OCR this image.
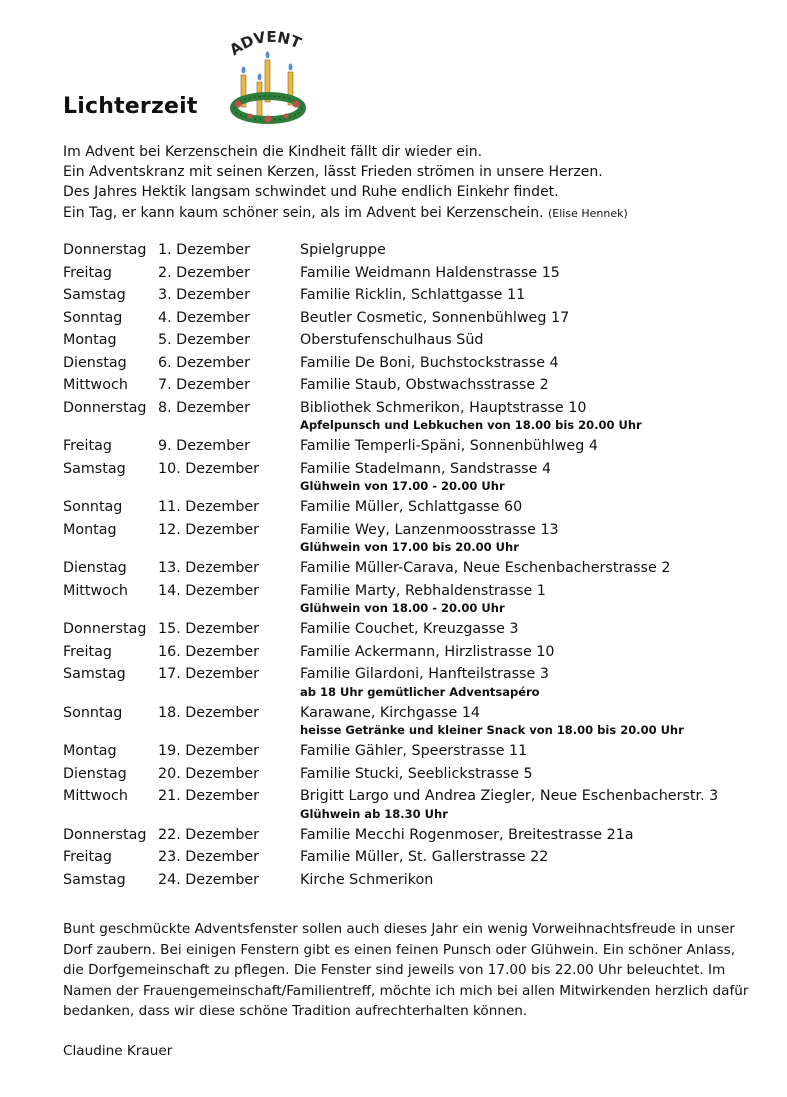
Lichterzeit
ADVENT
Im Advent bei Kerzenschein die Kindheit fällt dir wieder ein.
Ein Adventskranz mit seinen Kerzen, lässt Frieden strömen in unsere Herzen.
Des Jahres Hektik langsam schwindet und Ruhe endlich Einkehr findet.
Ein Tag, er kann kaum schöner sein, als im Advent bei Kerzenschein. (Elise Hennek)
Donnerstag 1. Dezember	Spielgruppe
Freitag	2. Dezember	Familie Weidmann Haldenstrasse 15
Samstag 3. Dezember	Familie Ricklin, Schlattgasse 11
Sonntag 4. Dezember	Beutler Cosmetic, Sonnenbühlweg 17
Montag	5. Dezember	Oberstufenschulhaus Süd
Dienstag 6. Dezember	Familie De Boni, Buchstockstrasse 4
Mittwoch 7. Dezember	Familie Staub, Obstwachsstrasse 2
Donnerstag 8. Dezember	Bibliothek Schmerikon, Hauptstrasse 10
Apfelpunsch und Lebkuchen von 18.00 bis 20.00 Uhr
Freitag	9. Dezember	Familie Temperli-Späni, Sonnenbühlweg 4
Samstag 10. Dezember	Familie Stadelmann, Sandstrasse 4
Glühwein von 17.00 - 20.00 Uhr
Sonntag 11. Dezember	Familie Müller, Schlattgasse 60
Montag	12. Dezember	Familie Wey, Lanzenmoosstrasse 13
Glühwein von 17.00 bis 20.00 Uhr
Dienstag 13. Dezember	Familie Müller-Carava, Neue Eschenbacherstrasse 2
Mittwoch 14. Dezember	Familie Marty, Rebhaldenstrasse 1
Glühwein von 18.00 - 20.00 Uhr
Donnerstag 15. Dezember	Familie Couchet, Kreuzgasse 3
Freitag	16. Dezember	Familie Ackermann, Hirzlistrasse 10
Samstag 17. Dezember	Familie Gilardoni, Hanfteilstrasse 3
ab 18 Uhr gemütlicher Adventsapéro
Sonntag 18. Dezember	Karawane, Kirchgasse 14
heisse Getränke und kleiner Snack von 18.00 bis 20.00 Uhr
Montag	19. Dezember	Familie Gähler, Speerstrasse 11
Dienstag 20. Dezember	Familie Stucki, Seeblickstrasse 5
Mittwoch 21. Dezember	Brigitt Largo und Andrea Ziegler, Neue Eschenbacherstr. 3
Glühwein ab 18.30 Uhr
Donnerstag 22. Dezember	Familie Mecchi Rogenmoser, Breitestrasse 21a
Freitag	23. Dezember	Familie Müller, St. Gallerstrasse 22
Samstag 24. Dezember	Kirche Schmerikon
Bunt geschmückte Adventsfenster sollen auch dieses Jahr ein wenig Vorweihnachtsfreude in unser Dorf zaubern. Bei einigen Fenstern gibt es einen feinen Punsch oder Glühwein. Ein schöner Anlass, die Dorfgemeinschaft zu pflegen. Die Fenster sind jeweils von 17.00 bis 22.00 Uhr beleuchtet. Im Namen der Frauengemeinschaft/Familientreff, möchte ich mich bei allen Mitwirkenden herzlich dafür bedanken, dass wir diese schöne Tradition aufrechterhalten können.
Claudine Krauer
